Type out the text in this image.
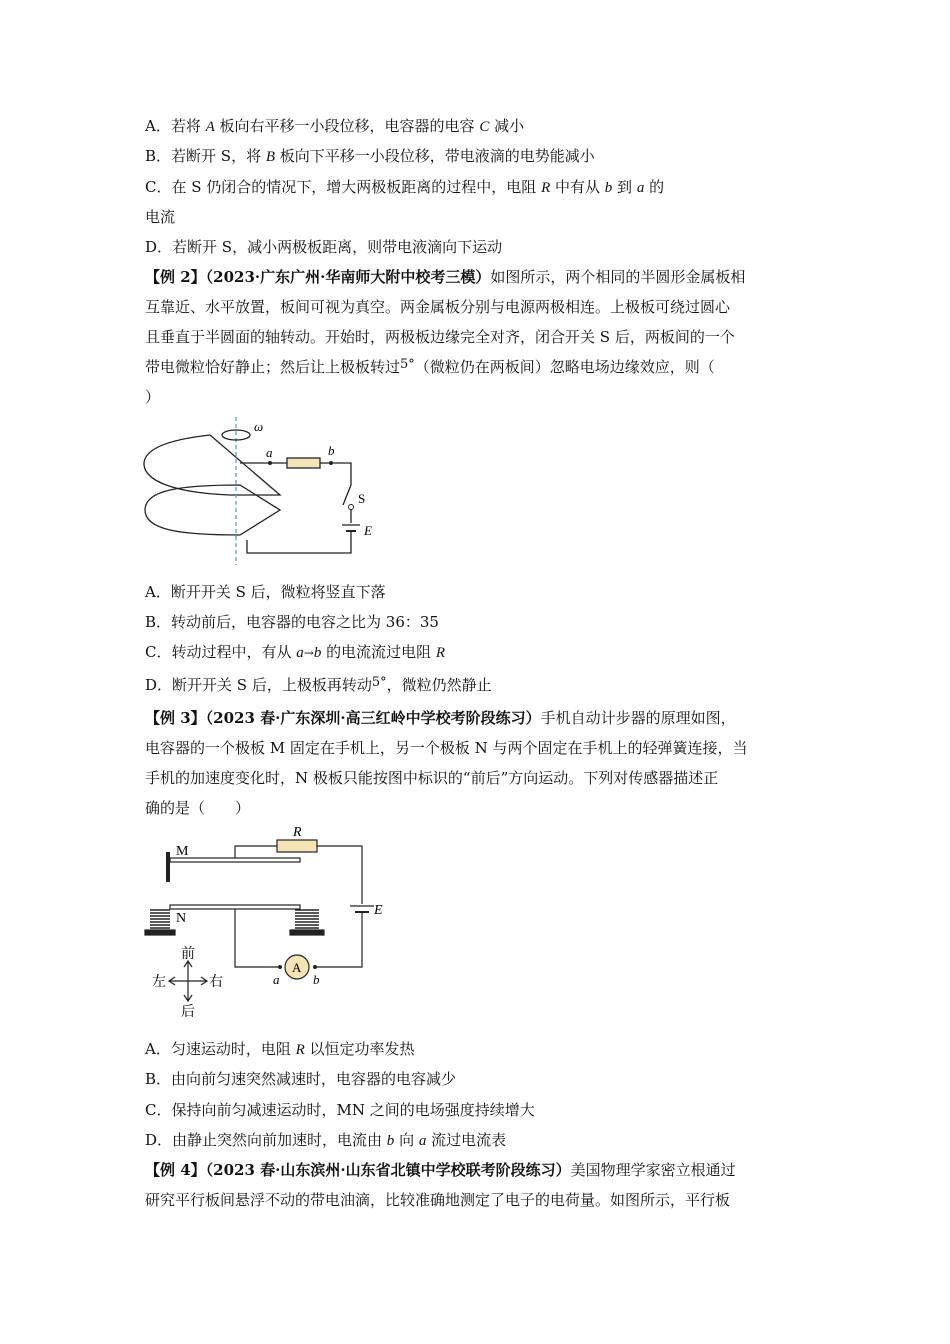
A．若将 A 板向右平移一小段位移，电容器的电容 C 减小
B．若断开 S，将 B 板向下平移一小段位移，带电液滴的电势能减小
C．在 S 仍闭合的情况下，增大两极板距离的过程中，电阻 R 中有从 b 到 a 的
电流
D．若断开 S，减小两极板距离，则带电液滴向下运动
【例 2】（2023·广东广州·华南师大附中校考三模）如图所示，两个相同的半圆形金属板相
互靠近、水平放置，板间可视为真空。两金属板分别与电源两极相连。上极板可绕过圆心
且垂直于半圆面的轴转动。开始时，两极板边缘完全对齐，闭合开关 S 后，两板间的一个
带电微粒恰好静止；然后让上极板转过5°（微粒仍在两板间）忽略电场边缘效应，则（
）
ω
a	b
S
E
A．断开开关 S 后，微粒将竖直下落
B．转动前后，电容器的电容之比为 36：35
C．转动过程中，有从 a→b 的电流流过电阻 R
D．断开开关 S 后，上极板再转动5°，微粒仍然静止
【例 3】（2023 春·广东深圳·高三红岭中学校考阶段练习）手机自动计步器的原理如图，
电容器的一个极板 M 固定在手机上，另一个极板 N 与两个固定在手机上的轻弹簧连接，当
手机的加速度变化时，N 极板只能按图中标识的“前后”方向运动。下列对传感器描述正
确的是（　　）
M
N
R
E
A
a	b
前
后
左	右
A．匀速运动时，电阻 R 以恒定功率发热
B．由向前匀速突然减速时，电容器的电容减少
C．保持向前匀减速运动时，MN 之间的电场强度持续增大
D．由静止突然向前加速时，电流由 b 向 a 流过电流表
【例 4】（2023 春·山东滨州·山东省北镇中学校联考阶段练习）美国物理学家密立根通过
研究平行板间悬浮不动的带电油滴，比较准确地测定了电子的电荷量。如图所示，平行板
